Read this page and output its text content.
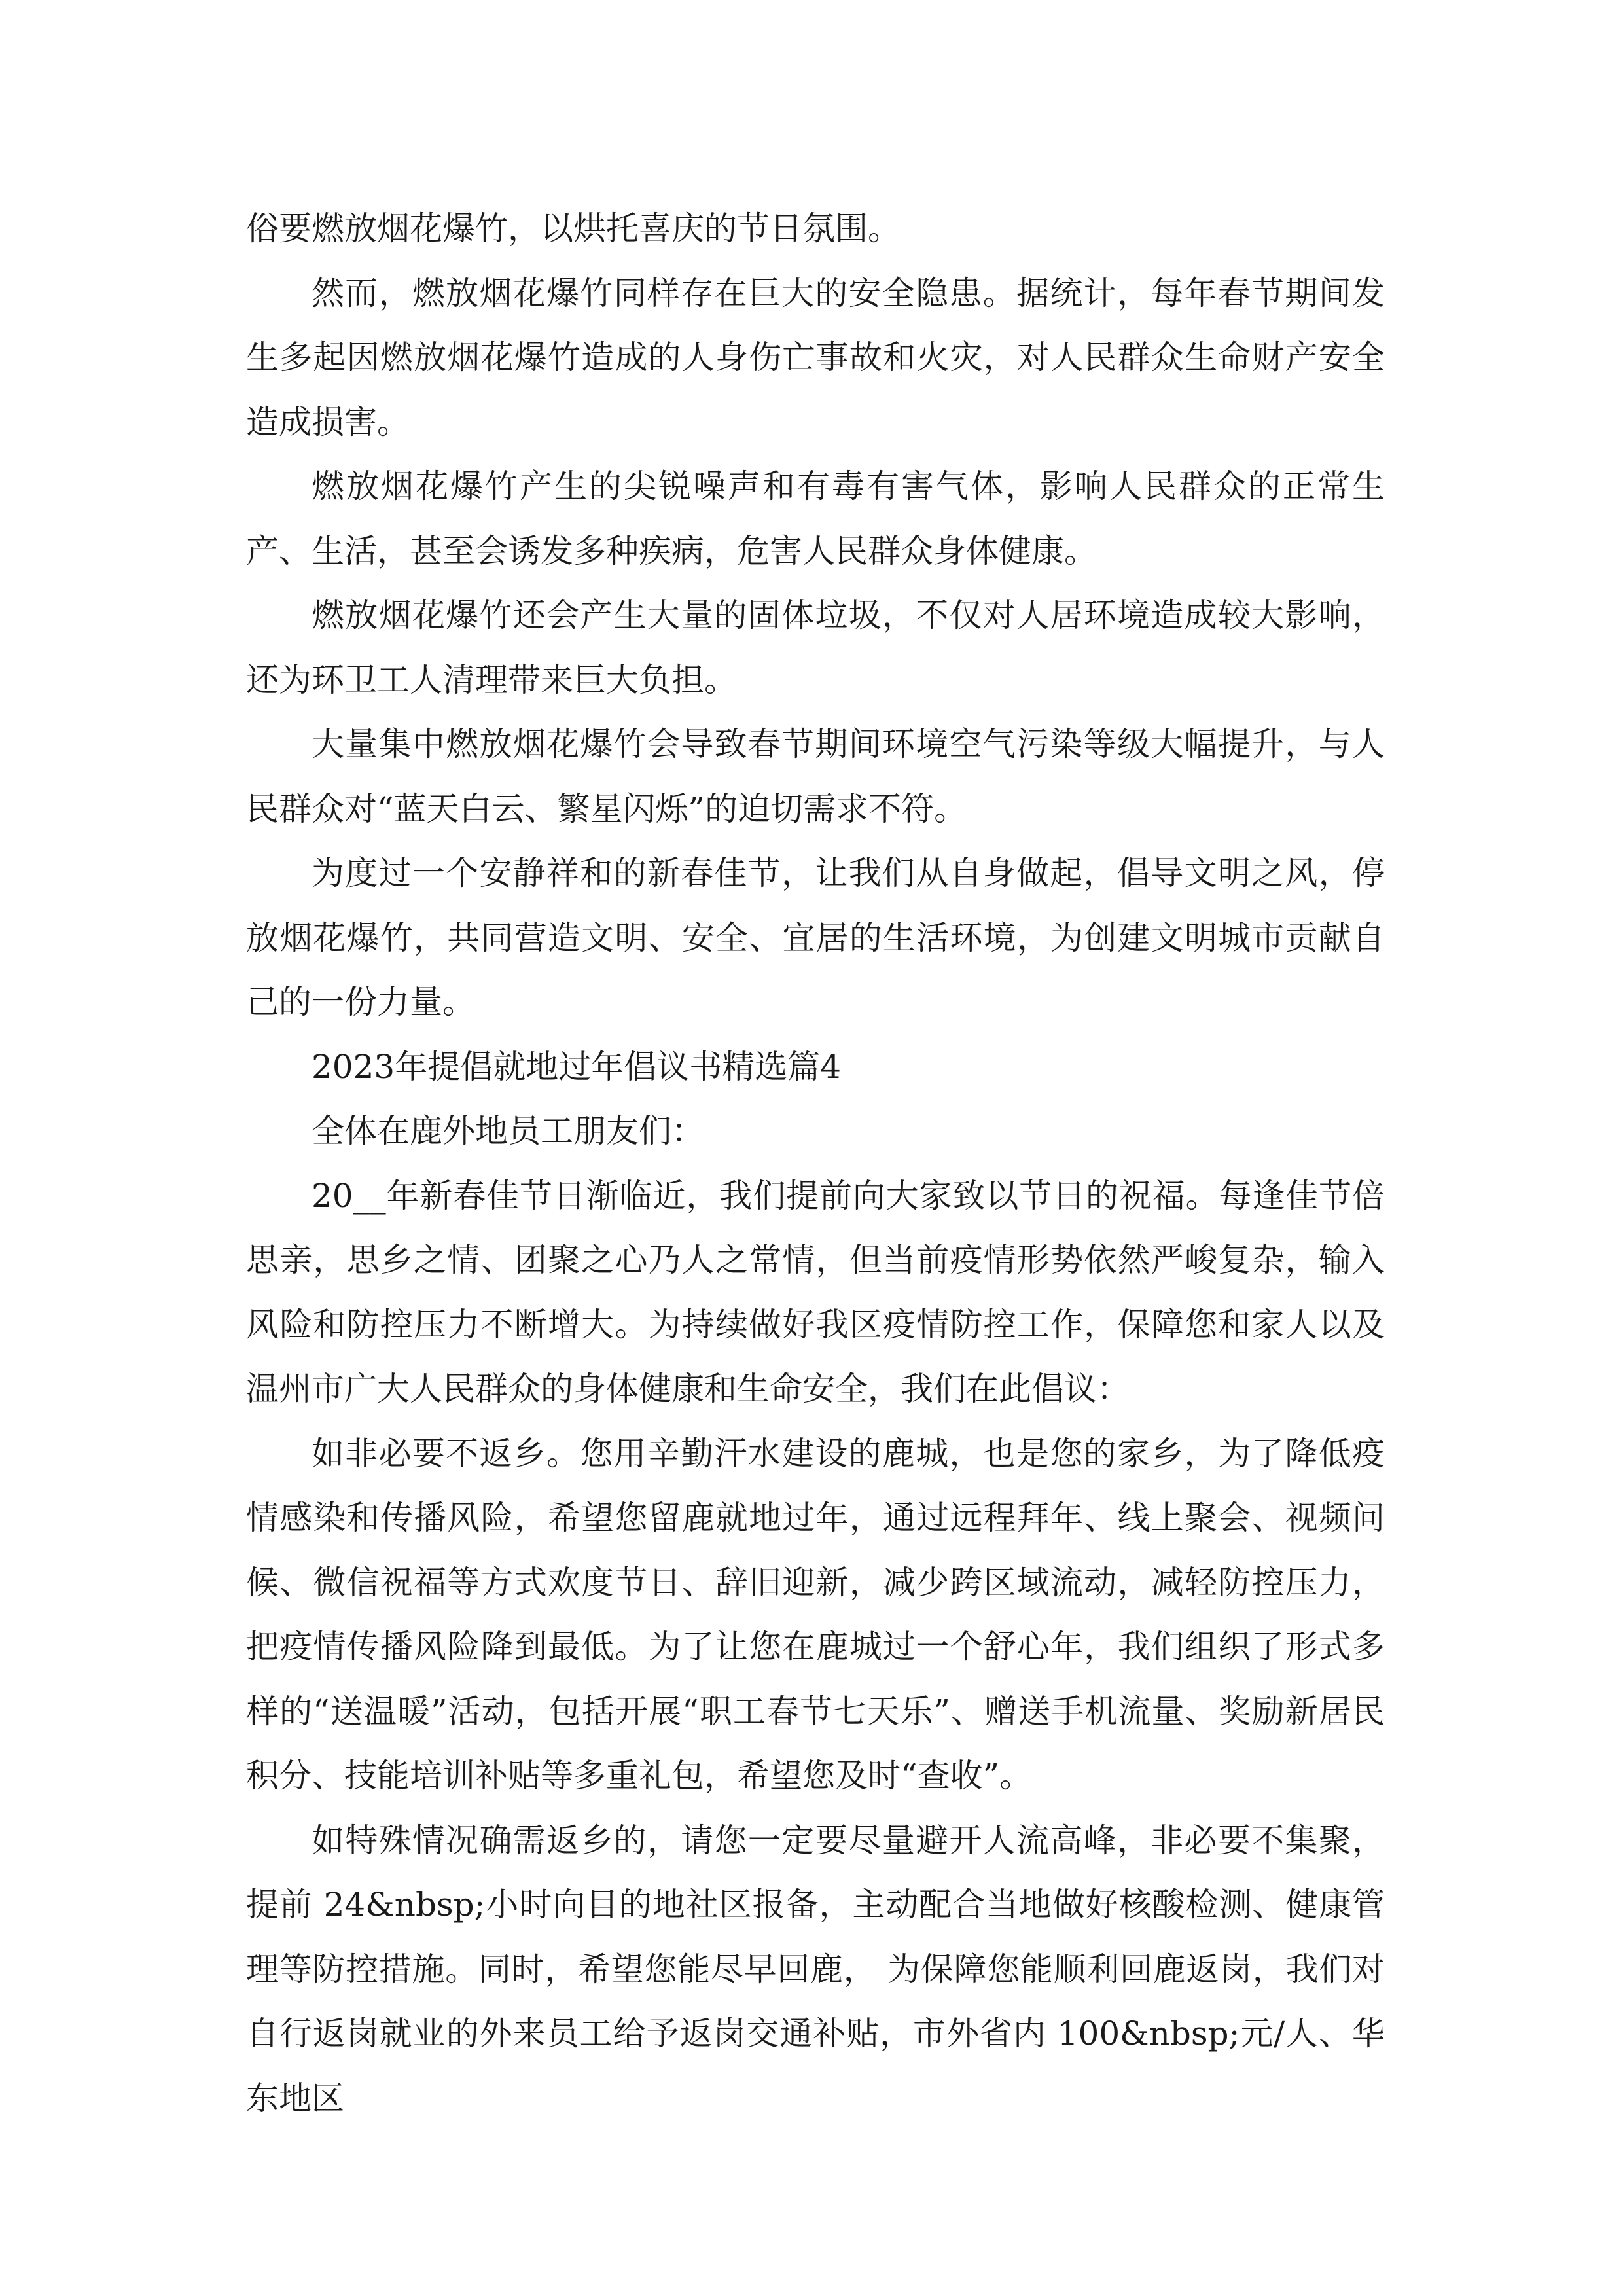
俗要燃放烟花爆竹，以烘托喜庆的节日氛围。

然而，燃放烟花爆竹同样存在巨大的安全隐患。据统计，每年春节期间发生多起因燃放烟花爆竹造成的人身伤亡事故和火灾，对人民群众生命财产安全造成损害。

燃放烟花爆竹产生的尖锐噪声和有毒有害气体，影响人民群众的正常生产、生活，甚至会诱发多种疾病，危害人民群众身体健康。

燃放烟花爆竹还会产生大量的固体垃圾，不仅对人居环境造成较大影响，还为环卫工人清理带来巨大负担。

大量集中燃放烟花爆竹会导致春节期间环境空气污染等级大幅提升，与人民群众对“蓝天白云、繁星闪烁”的迫切需求不符。

为度过一个安静祥和的新春佳节，让我们从自身做起，倡导文明之风，停放烟花爆竹，共同营造文明、安全、宜居的生活环境，为创建文明城市贡献自己的一份力量。

2023年提倡就地过年倡议书精选篇4

全体在鹿外地员工朋友们：

20__年新春佳节日渐临近，我们提前向大家致以节日的祝福。每逢佳节倍思亲，思乡之情、团聚之心乃人之常情，但当前疫情形势依然严峻复杂，输入风险和防控压力不断增大。为持续做好我区疫情防控工作，保障您和家人以及温州市广大人民群众的身体健康和生命安全，我们在此倡议：

如非必要不返乡。您用辛勤汗水建设的鹿城，也是您的家乡，为了降低疫情感染和传播风险，希望您留鹿就地过年，通过远程拜年、线上聚会、视频问候、微信祝福等方式欢度节日、辞旧迎新，减少跨区域流动，减轻防控压力，把疫情传播风险降到最低。为了让您在鹿城过一个舒心年，我们组织了形式多样的“送温暖”活动，包括开展“职工春节七天乐”、赠送手机流量、奖励新居民积分、技能培训补贴等多重礼包，希望您及时“查收”。

如特殊情况确需返乡的，请您一定要尽量避开人流高峰，非必要不集聚，提前 24&nbsp;小时向目的地社区报备，主动配合当地做好核酸检测、健康管理等防控措施。同时，希望您能尽早回鹿， 为保障您能顺利回鹿返岗，我们对自行返岗就业的外来员工给予返岗交通补贴，市外省内 100&nbsp;元/人、华东地区
